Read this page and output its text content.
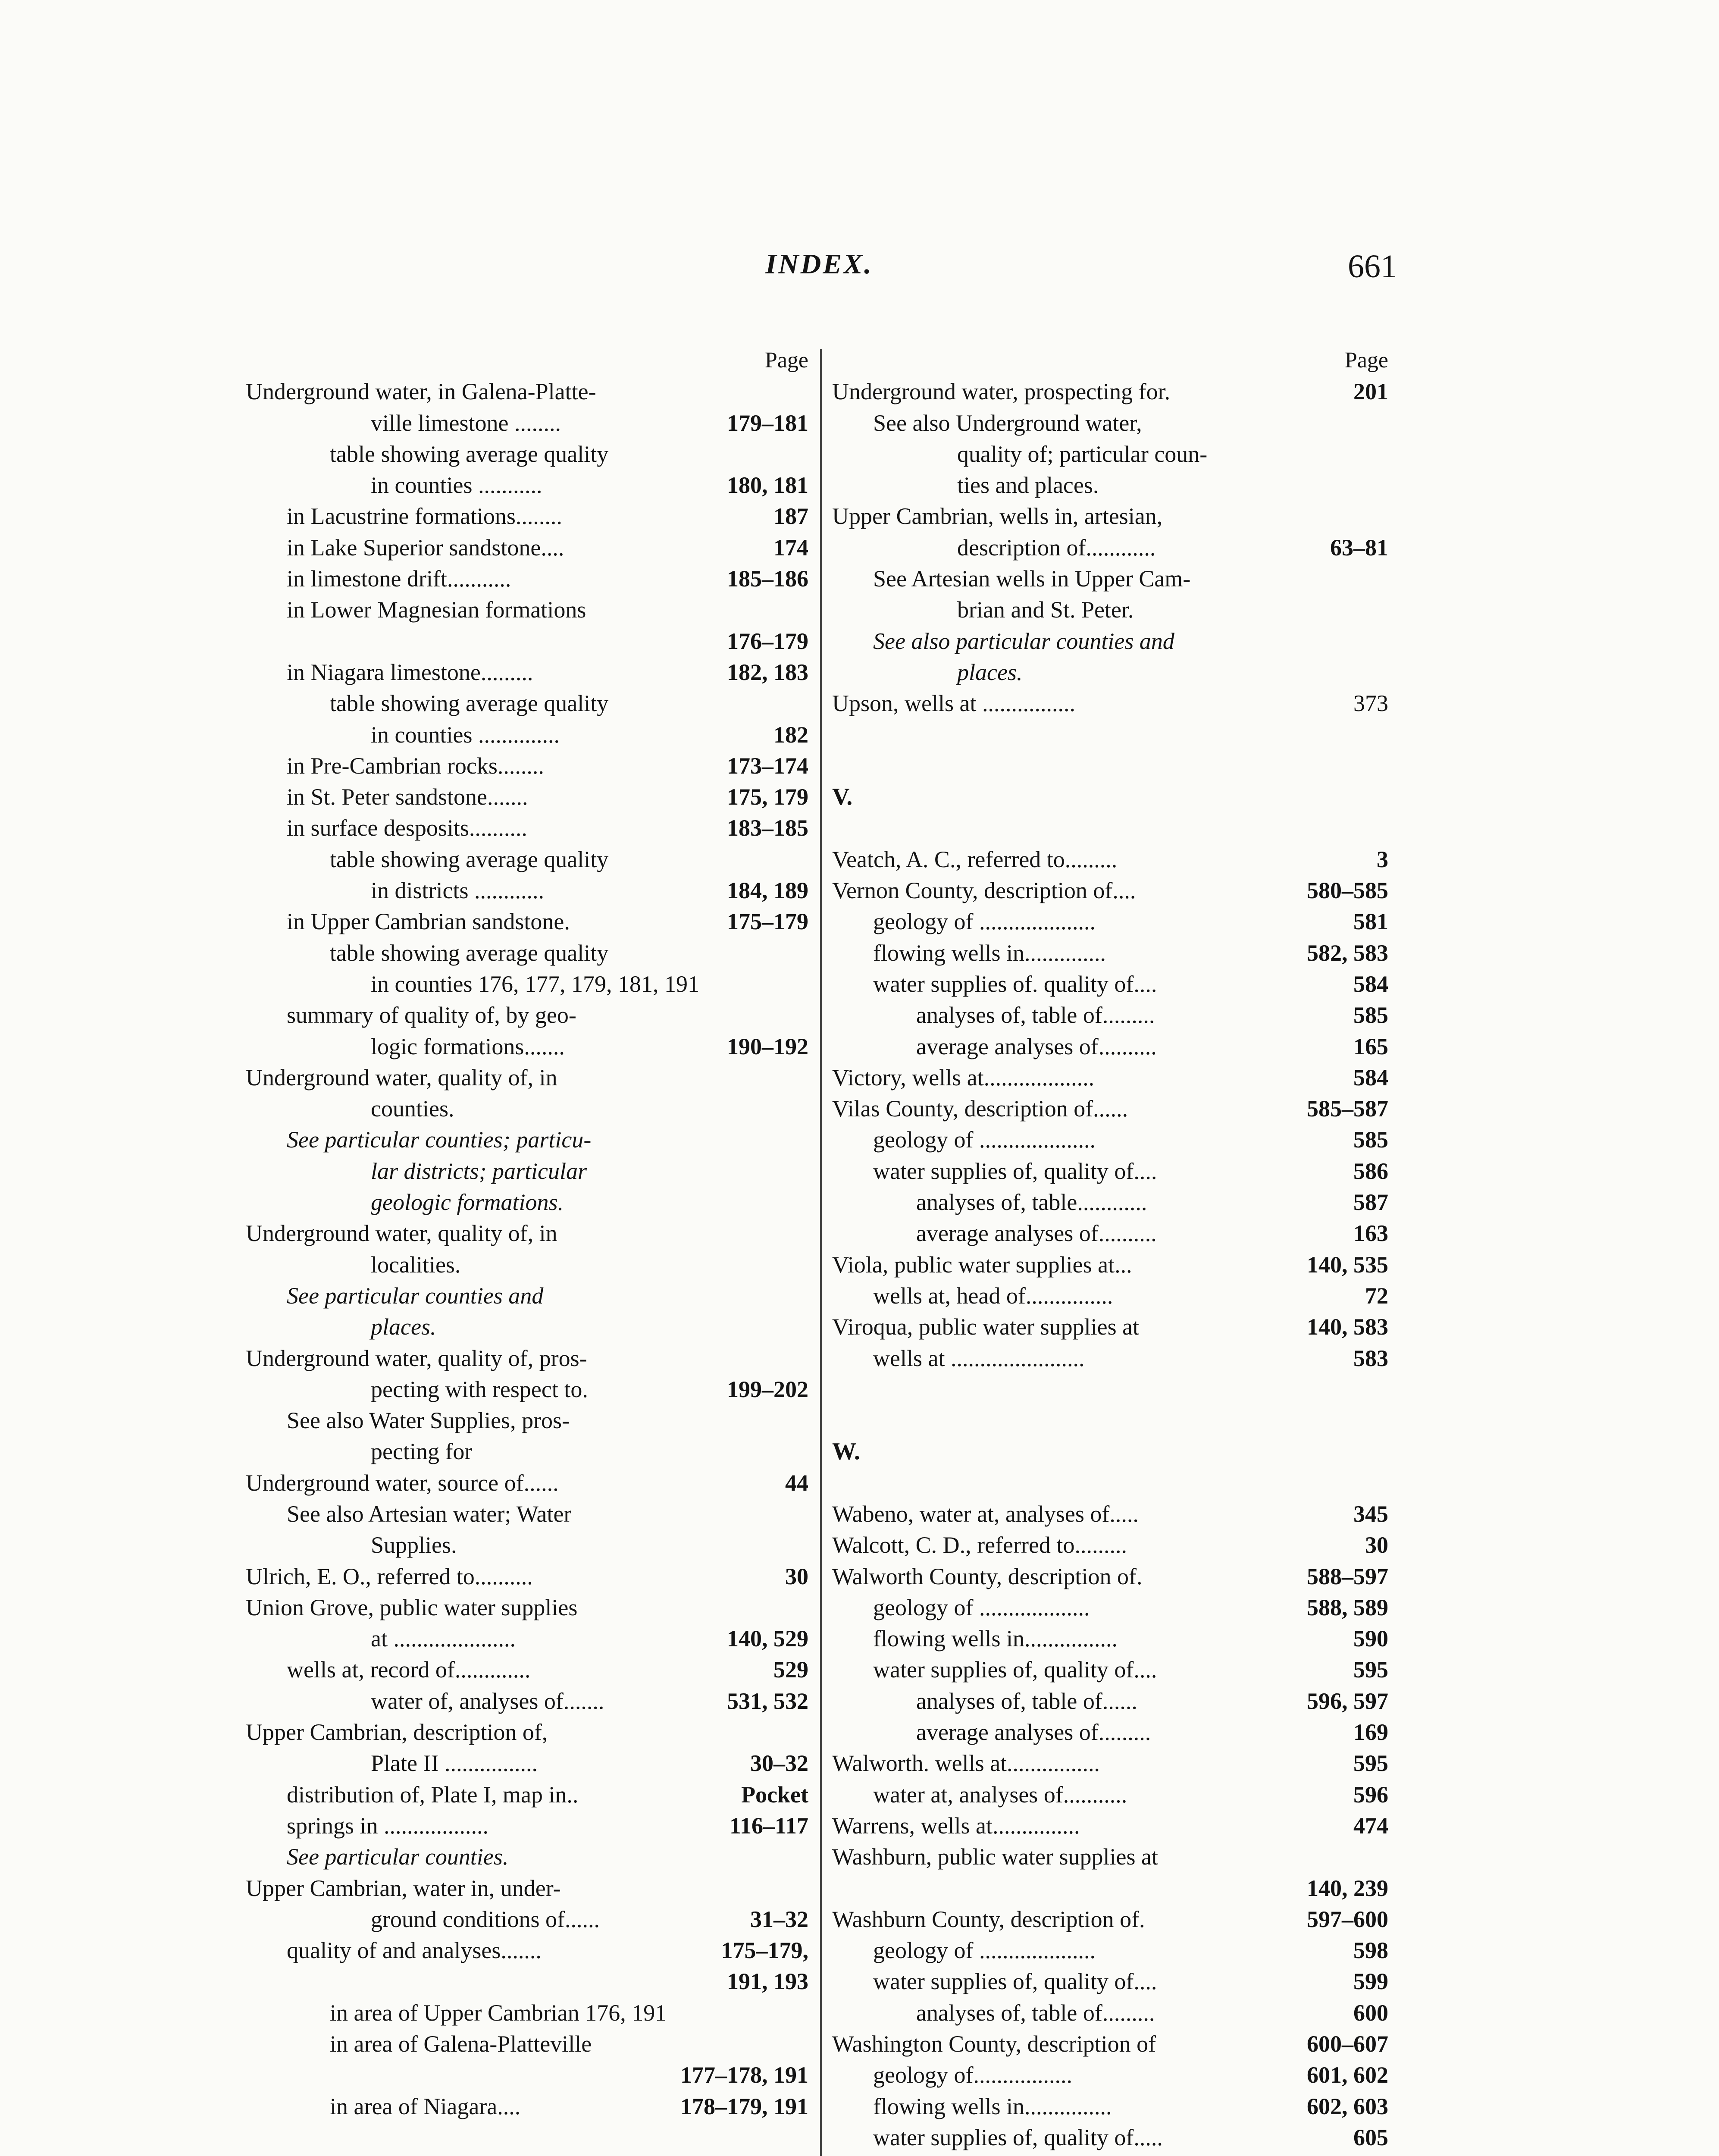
INDEX.	661
Page
Underground water, in Galena-Platte-
ville limestone ........	179–181
table showing average quality
in counties ...........	180, 181
in Lacustrine formations........	187
in Lake Superior sandstone....	174
in limestone drift...........	185–186
in Lower Magnesian formations
176–179
in Niagara limestone.........	182, 183
table showing average quality
in counties ..............	182
in Pre-Cambrian rocks........	173–174
in St. Peter sandstone.......	175, 179
in surface desposits..........	183–185
table showing average quality
in districts ............	184, 189
in Upper Cambrian sandstone.	175–179
table showing average quality
in counties 176, 177, 179, 181, 191
summary of quality of, by geo-
logic formations.......	190–192
Underground water, quality of, in
counties.
See particular counties; particu-
lar districts; particular
geologic formations.
Underground water, quality of, in
localities.
See particular counties and
places.
Underground water, quality of, pros-
pecting with respect to.	199–202
See also Water Supplies, pros-
pecting for
Underground water, source of......	44
See also Artesian water; Water
Supplies.
Ulrich, E. O., referred to..........	30
Union Grove, public water supplies
at .....................	140, 529
wells at, record of.............	529
water of, analyses of.......	531, 532
Upper Cambrian, description of,
Plate II ................	30–32
distribution of, Plate I, map in..	Pocket
springs in ..................	116–117
See particular counties.
Upper Cambrian, water in, under-
ground conditions of......	31–32
quality of and analyses.......	175–179,
191, 193
in area of Upper Cambrian 176, 191
in area of Galena-Platteville
177–178, 191
in area of Niagara....	178–179, 191
Page
Underground water, prospecting for.	201
See also Underground water,
quality of; particular coun-
ties and places.
Upper Cambrian, wells in, artesian,
description of............	63–81
See Artesian wells in Upper Cam-
brian and St. Peter.
See also particular counties and
places.
Upson, wells at ................	373
V.
Veatch, A. C., referred to.........	3
Vernon County, description of....	580–585
geology of ....................	581
flowing wells in..............	582, 583
water supplies of. quality of....	584
analyses of, table of.........	585
average analyses of..........	165
Victory, wells at...................	584
Vilas County, description of......	585–587
geology of ....................	585
water supplies of, quality of....	586
analyses of, table............	587
average analyses of..........	163
Viola, public water supplies at...	140, 535
wells at, head of...............	72
Viroqua, public water supplies at	140, 583
wells at .......................	583
W.
Wabeno, water at, analyses of.....	345
Walcott, C. D., referred to.........	30
Walworth County, description of.	588–597
geology of ...................	588, 589
flowing wells in................	590
water supplies of, quality of....	595
analyses of, table of......	596, 597
average analyses of.........	169
Walworth. wells at................	595
water at, analyses of...........	596
Warrens, wells at...............	474
Washburn, public water supplies at
140, 239
Washburn County, description of.	597–600
geology of ....................	598
water supplies of, quality of....	599
analyses of, table of.........	600
Washington County, description of	600–607
geology of.................	601, 602
flowing wells in...............	602, 603
water supplies of, quality of.....	605
